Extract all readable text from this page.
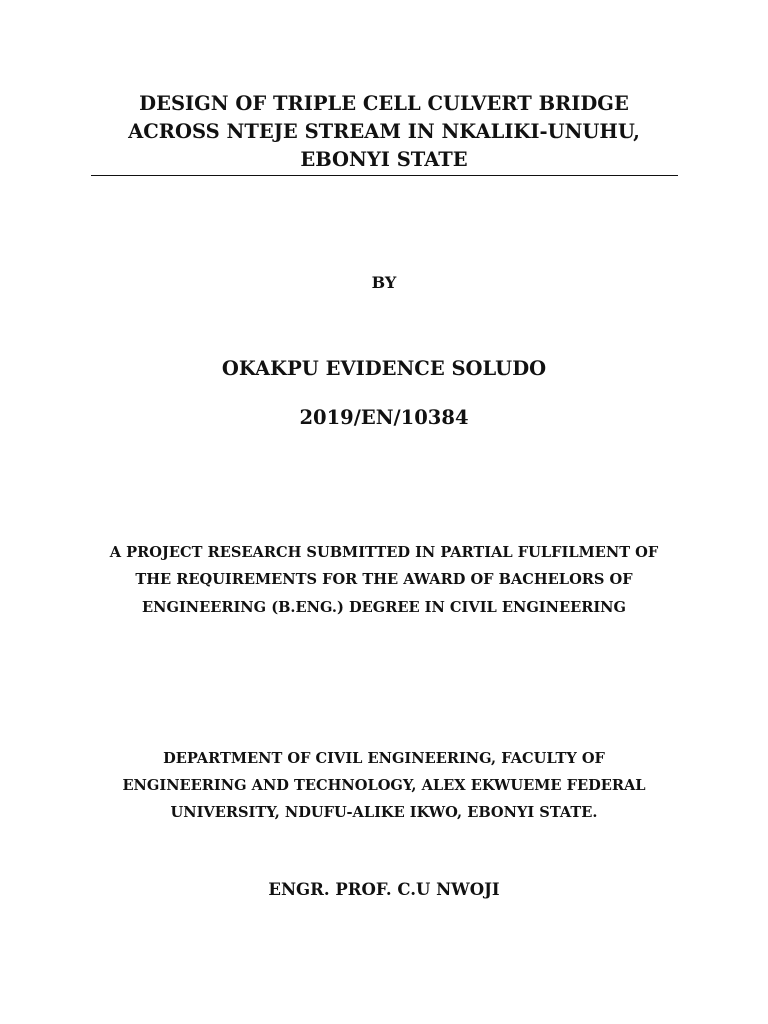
DESIGN OF TRIPLE CELL CULVERT BRIDGE
ACROSS NTEJE STREAM IN NKALIKI-UNUHU,
EBONYI STATE
BY
OKAKPU EVIDENCE SOLUDO
2019/EN/10384
A PROJECT RESEARCH SUBMITTED IN PARTIAL FULFILMENT OF
THE REQUIREMENTS FOR THE AWARD OF BACHELORS OF
ENGINEERING (B.ENG.) DEGREE IN CIVIL ENGINEERING
DEPARTMENT OF CIVIL ENGINEERING, FACULTY OF
ENGINEERING AND TECHNOLOGY, ALEX EKWUEME FEDERAL
UNIVERSITY, NDUFU-ALIKE IKWO, EBONYI STATE.
ENGR. PROF. C.U NWOJI
